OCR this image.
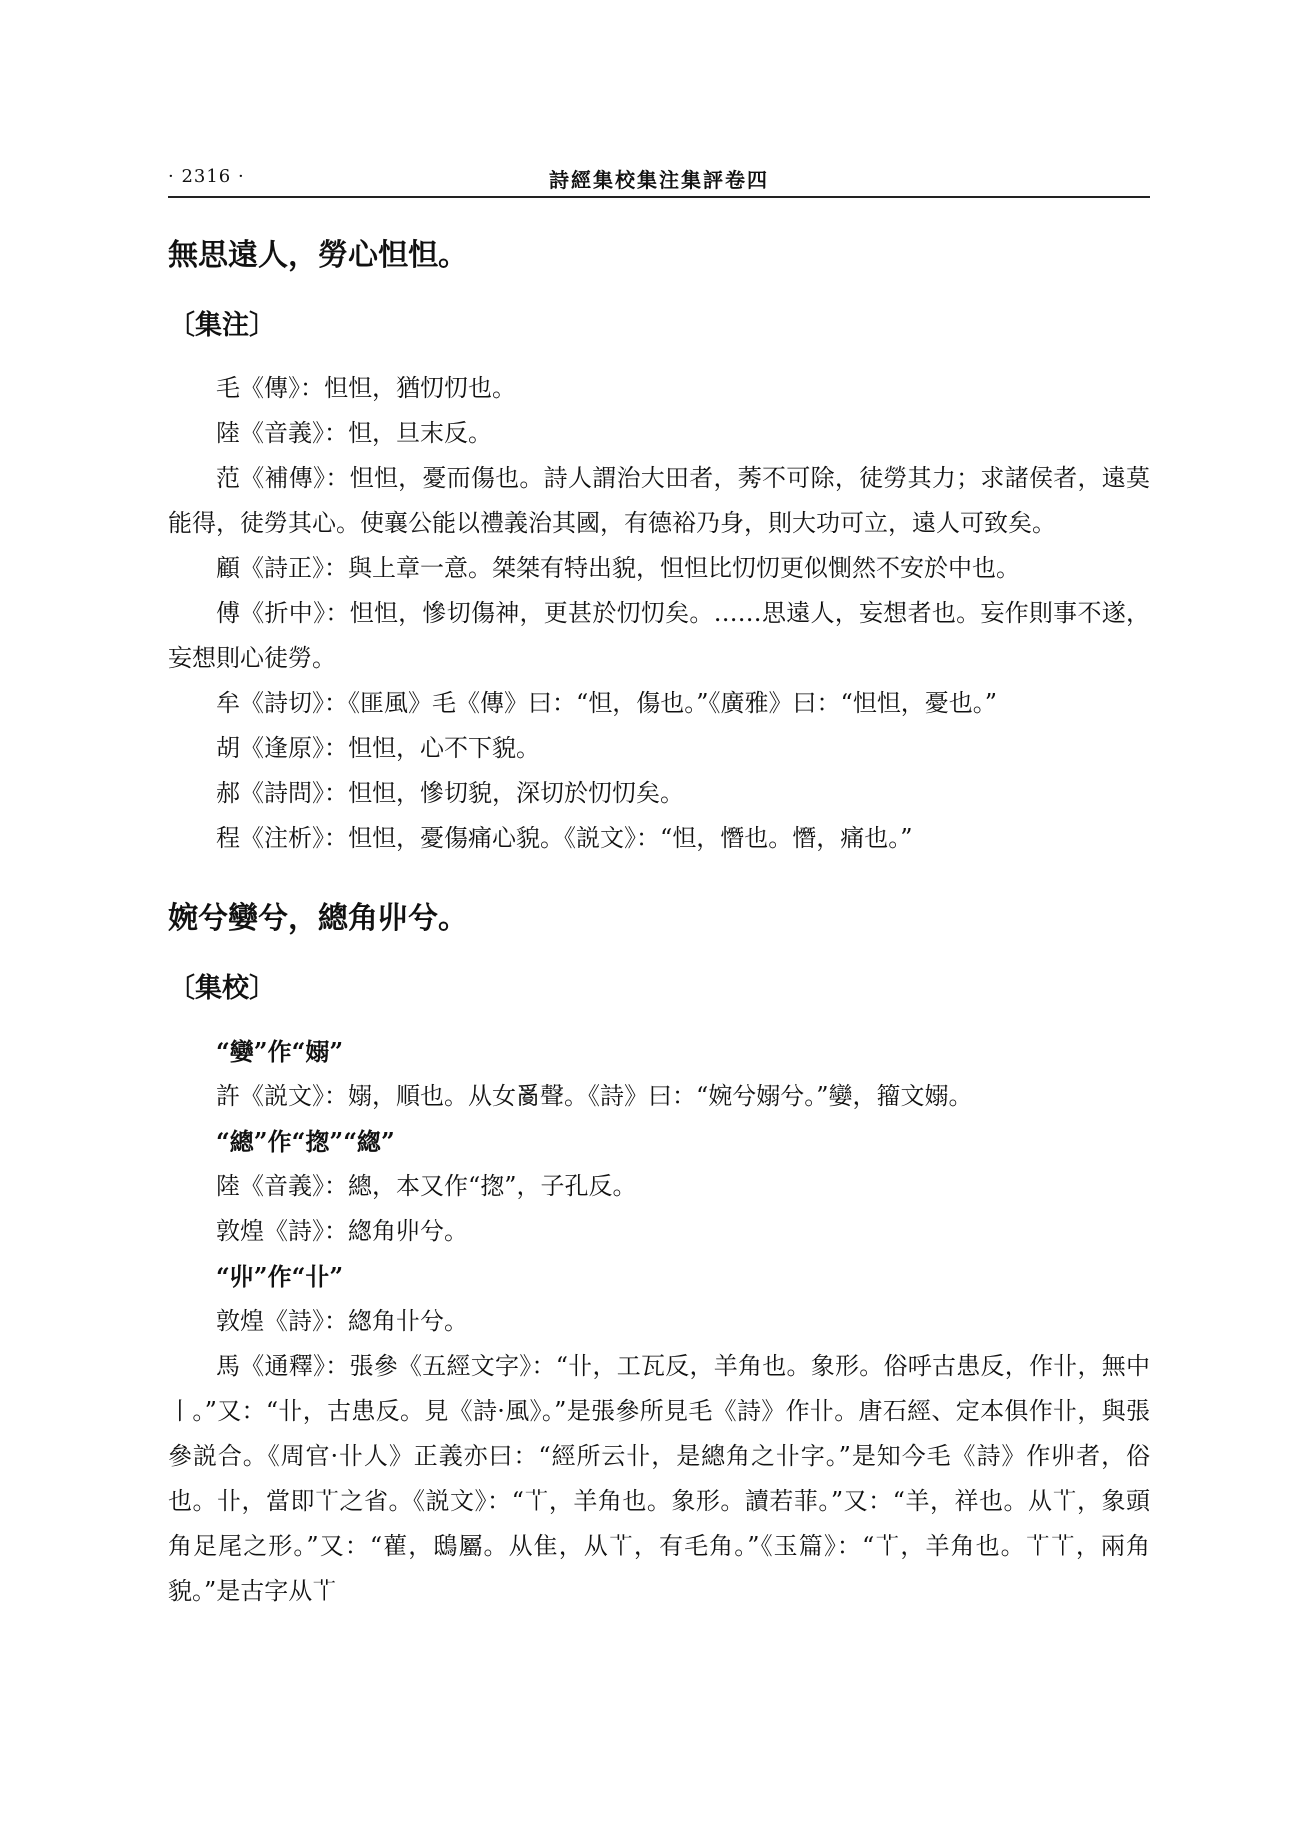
· 2316 ·	詩經集校集注集評卷四
無思遠人，勞心怛怛。
〔集注〕

毛《傳》：怛怛，猶忉忉也。

陸《音義》：怛，旦末反。

范《補傳》：怛怛，憂而傷也。詩人謂治大田者，莠不可除，徒勞其力；求諸侯者，遠莫能得，徒勞其心。使襄公能以禮義治其國，有德裕乃身，則大功可立，遠人可致矣。

顧《詩正》：與上章一意。桀桀有特出貌，怛怛比忉忉更似惻然不安於中也。

傅《折中》：怛怛，慘切傷神，更甚於忉忉矣。……思遠人，妄想者也。妄作則事不遂，妄想則心徒勞。

牟《詩切》：《匪風》毛《傳》曰：“怛，傷也。”《廣雅》曰：“怛怛，憂也。”

胡《逢原》：怛怛，心不下貌。

郝《詩問》：怛怛，慘切貌，深切於忉忉矣。

程《注析》：怛怛，憂傷痛心貌。《説文》：“怛，憯也。憯，痛也。”

婉兮孌兮，總角丱兮。
〔集校〕

“孌”作“嫋”

許《説文》：嫋，順也。从女𤔔聲。《詩》曰：“婉兮嫋兮。”孌，籀文嫋。

“總”作“揔”“緫”

陸《音義》：總，本又作“揔”，子孔反。

敦煌《詩》：緫角丱兮。

“丱”作“卝”

敦煌《詩》：緫角卝兮。

馬《通釋》：張參《五經文字》：“卝，工瓦反，羊角也。象形。俗呼古患反，作卝，無中丨。”又：“卝，古患反。見《詩·風》。”是張參所見毛《詩》作卝。唐石經、定本俱作卝，與張參説合。《周官·卝人》正義亦曰：“經所云卝，是總角之卝字。”是知今毛《詩》作丱者，俗也。卝，當即𦫳之省。《説文》：“𦫳，羊角也。象形。讀若菲。”又：“羊，祥也。从𦫳，象頭角足尾之形。”又：“雚，鴟屬。从隹，从𦫳，有毛角。”《玉篇》：“𦫳，羊角也。𦫳𦫳，兩角貌。”是古字从𦫳
